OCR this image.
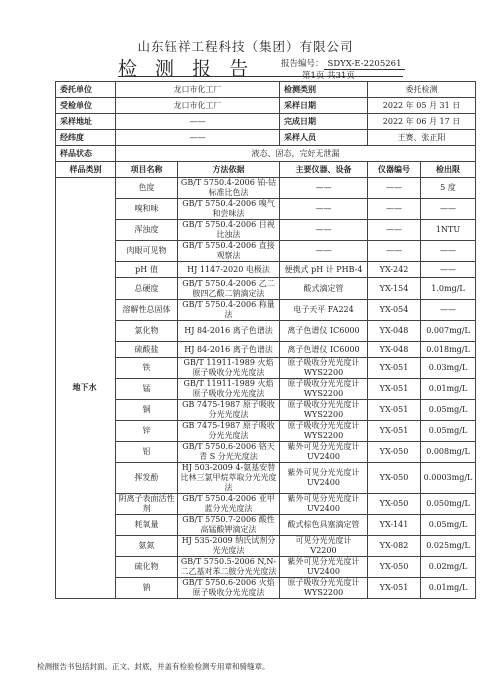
山东钰祥工程科技（集团）有限公司
检 测 报 告	报告编号： SDYX-E-2205261
第1页 共31页
委托单位	龙口市化工厂		检测类别	委托检测	
受检单位	龙口市化工厂		采样日期	2022 年 05 月 31 日	
采样地址	——		完成日期	2022 年 06 月 17 日	
经纬度	——		采样人员	王赛、张正阳	
样品状态	液态、固态，完好无泄漏				
样品类别	项目名称	方法依据	主要仪器、设备	仪器编号	检出限
地下水	色度	GB/T 5750.4-2006 铂-钴标准比色法	——	——	5 度
	嗅和味	GB/T 5750.4-2006 嗅气和尝味法	——	——	——
	浑浊度	GB/T 5750.4-2006 目视比浊法	——	——	1NTU
	肉眼可见物	GB/T 5750.4-2006 直接观察法	——	——	——
	pH 值	HJ 1147-2020 电极法	便携式 pH 计 PHB-4	YX-242	——
	总硬度	GB/T 5750.4-2006 乙二胺四乙酸二钠滴定法	酸式滴定管	YX-154	1.0mg/L
	溶解性总固体	GB/T 5750.4-2006 称量法	电子天平 FA224	YX-054	——
	氯化物	HJ 84-2016 离子色谱法	离子色谱仪 IC6000	YX-048	0.007mg/L
	硫酸盐	HJ 84-2016 离子色谱法	离子色谱仪 IC6000	YX-048	0.018mg/L
	铁	GB/T 11911-1989 火焰原子吸收分光光度法	原子吸收分光光度计 WYS2200	YX-051	0.03mg/L
	锰	GB/T 11911-1989 火焰原子吸收分光光度法	原子吸收分光光度计 WYS2200	YX-051	0.01mg/L
	铜	GB 7475-1987 原子吸收分光光度法	原子吸收分光光度计 WYS2200	YX-051	0.05mg/L
	锌	GB 7475-1987 原子吸收分光光度法	原子吸收分光光度计 WYS2200	YX-051	0.05mg/L
	铝	GB/T 5750.6-2006 铬天青 S 分光光度法	紫外可见分光光度计 UV2400	YX-050	0.008mg/L
	挥发酚	HJ 503-2009 4-氨基安替比林三氯甲烷萃取分光光度法	紫外可见分光光度计 UV2400	YX-050	0.0003mg/L
	阴离子表面活性剂	GB/T 5750.4-2006 亚甲蓝分光光度法	紫外可见分光光度计 UV2400	YX-050	0.050mg/L
	耗氧量	GB/T 5750.7-2006 酸性高锰酸钾滴定法	酸式棕色具塞滴定管	YX-141	0.05mg/L
	氨氮	HJ 535-2009 纳氏试剂分光光度法	可见分光光度计 V2200	YX-082	0.025mg/L
	硫化物	GB/T 5750.5-2006 N,N-二乙基对苯二胺分光光度法	紫外可见分光光度计 UV2400	YX-050	0.02mg/L
	钠	GB/T 5750.6-2006 火焰原子吸收分光光度法	原子吸收分光光度计 WYS2200	YX-051	0.01mg/L
检测报告书包括封面、正文、封底，并盖有检验检测专用章和骑缝章。
